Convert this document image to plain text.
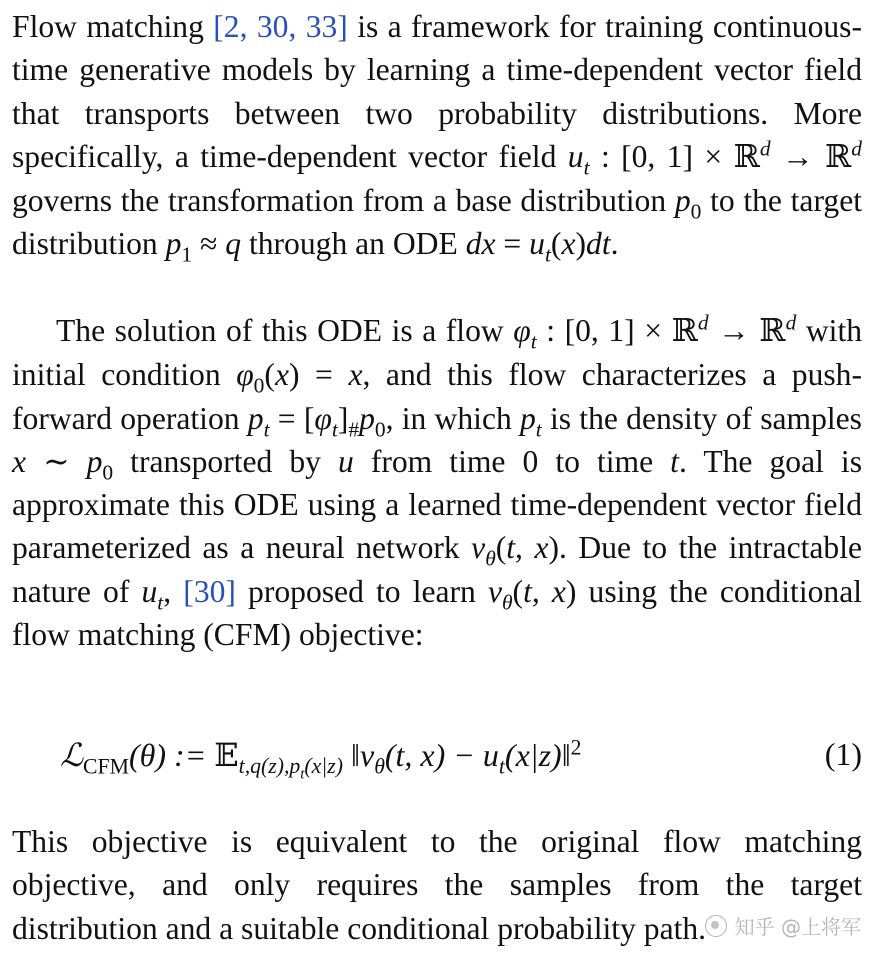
Flow matching [2, 30, 33] is a framework for training continuous-time generative models by learning a time-dependent vector field that transports between two probability distributions. More specifically, a time-dependent vector field $u_t$ : [0, 1] × ℝ$^d$ → ℝ$^d$ governs the transformation from a base distribution $p_0$ to the target distribution $p_1 \approx q$ through an ODE dx = $u_t(x)dt$.

The solution of this ODE is a flow $\varphi_t$ : [0, 1] × ℝ$^d$ → ℝ$^d$ with initial condition $\varphi_0(x) = x$, and this flow characterizes a push-forward operation $p_t = [\varphi_t]_{\#}p_0$, in which $p_t$ is the density of samples x ∼ $p_0$ transported by u from time 0 to time t. The goal is approximate this ODE using a learned time-dependent vector field parameterized as a neural network $v_\theta(t$, x). Due to the intractable nature of $u_t$, [30] proposed to learn $v_\theta(t$, x) using the conditional flow matching (CFM) objective:

ℒ$_{CFM}$(θ) := 𝔼$_{t,q(z),p_t(x|z)}$ $‖v_\theta(t$, $x) - u_t(x|z)‖^2$	(1)

This objective is equivalent to the original flow matching objective, and only requires the samples from the target distribution and a suitable conditional probability path.	知乎 @上将军
